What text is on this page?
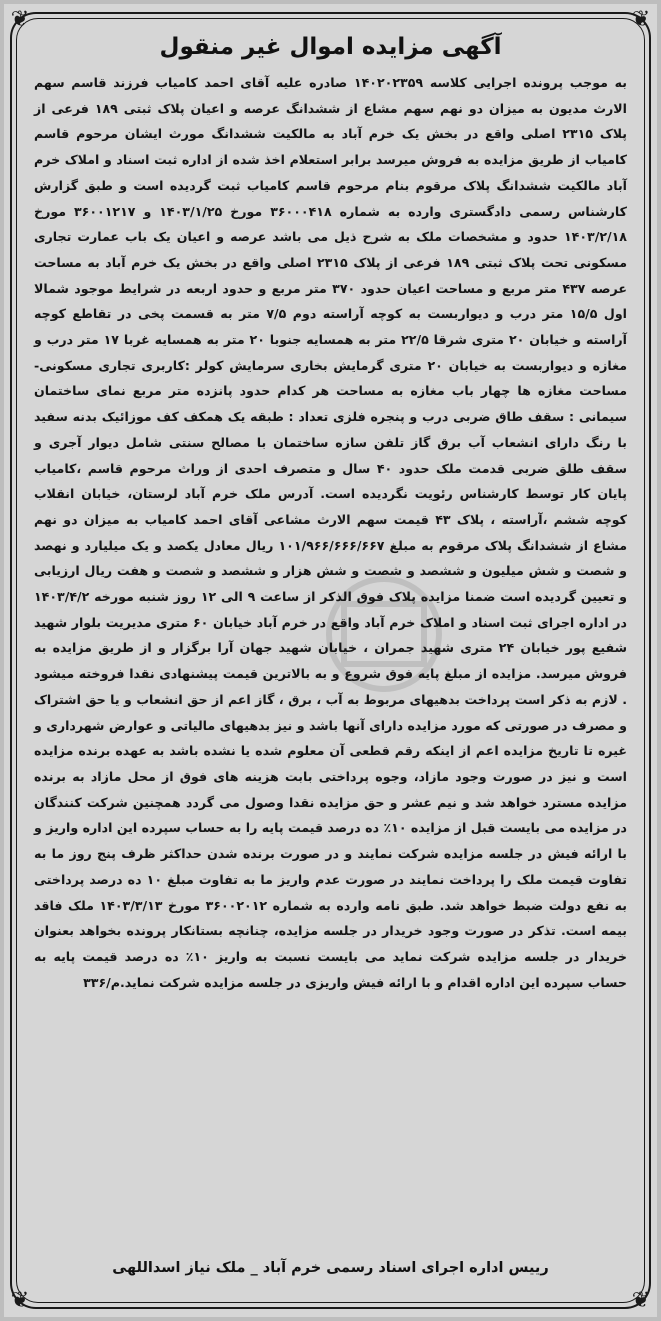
❦	❦
❦	❦
آگهی مزایده اموال غیر منقول
به موجب پرونده اجرایی کلاسه ۱۴۰۲۰۲۳۵۹ صادره علیه آقای احمد کامیاب فرزند قاسم سهم الارث مدیون به میزان دو نهم سهم مشاع از ششدانگ عرصه و اعیان پلاک ثبتی ۱۸۹ فرعی از پلاک ۲۳۱۵ اصلی واقع در بخش یک خرم آباد به مالکیت ششدانگ مورث ایشان مرحوم قاسم کامیاب از طریق مزایده به فروش میرسد برابر استعلام اخذ شده از اداره ثبت اسناد و املاک خرم آباد مالکیت ششدانگ پلاک مرقوم بنام مرحوم قاسم کامیاب ثبت گردیده است و طبق گزارش کارشناس رسمی دادگستری وارده به شماره ۳۶۰۰۰۴۱۸ مورخ ۱۴۰۳/۱/۲۵ و ۳۶۰۰۱۲۱۷ مورخ ۱۴۰۳/۲/۱۸ حدود و مشخصات ملک به شرح ذیل می باشد عرصه و اعیان یک باب عمارت تجاری مسکونی تحت پلاک ثبتی ۱۸۹ فرعی از پلاک ۲۳۱۵ اصلی واقع در بخش یک خرم آباد به مساحت عرصه ۴۳۷ متر مربع و مساحت اعیان حدود ۳۷۰ متر مربع و حدود اربعه در شرایط موجود شمالا اول ۱۵/۵ متر درب و دیواربست به کوچه آراسته دوم ۷/۵ متر به قسمت پخی در تقاطع کوچه آراسته و خیابان ۲۰ متری شرقا ۲۲/۵ متر به همسایه جنوبا ۲۰ متر به همسایه غربا ۱۷ متر درب و مغازه و دیواربست به خیابان ۲۰ متری گرمایش بخاری سرمایش کولر :کاربری تجاری مسکونی- مساحت مغازه ها چهار باب مغازه به مساحت هر کدام حدود پانزده متر مربع نمای ساختمان سیمانی : سقف طاق ضربی درب و پنجره فلزی تعداد : طبقه یک همکف کف موزائیک بدنه سفید با رنگ دارای انشعاب آب برق گاز تلفن سازه ساختمان با مصالح سنتی شامل دیوار آجری و سقف طلق ضربی قدمت ملک حدود ۴۰ سال و متصرف احدی از وراث مرحوم قاسم ،کامیاب پایان کار توسط کارشناس رئویت نگردیده است. آدرس ملک خرم آباد لرستان، خیابان انقلاب کوچه ششم ،آراسته ، پلاک ۴۳ قیمت سهم الارث مشاعی آقای احمد کامیاب به میزان دو نهم مشاع از ششدانگ پلاک مرقوم به مبلغ ۱۰۱/۹۶۶/۶۶۶/۶۶۷ ریال معادل یکصد و یک میلیارد و نهصد و شصت و شش میلیون و ششصد و شصت و شش هزار و ششصد و شصت و هفت ریال ارزیابی و تعیین گردیده است ضمنا مزایده پلاک فوق الذکر از ساعت ۹ الی ۱۲ روز شنبه مورخه ۱۴۰۳/۴/۲ در اداره اجرای ثبت اسناد و املاک خرم آباد واقع در خرم آباد خیابان ۶۰ متری مدیریت بلوار شهید شفیع پور خیابان ۲۴ متری شهید جمران ، خیابان شهید جهان آرا برگزار و از طریق مزایده به فروش میرسد. مزایده از مبلغ پایه فوق شروع و به بالاترین قیمت پیشنهادی نقدا فروخته میشود . لازم به ذکر است پرداخت بدهیهای مربوط به آب ، برق ، گاز اعم از حق انشعاب و یا حق اشتراک و مصرف در صورتی که مورد مزایده دارای آنها باشد و نیز بدهیهای مالیاتی و عوارض شهرداری و غیره تا تاریخ مزایده اعم از اینکه رقم قطعی آن معلوم شده یا نشده باشد به عهده برنده مزایده است و نیز در صورت وجود مازاد، وجوه پرداختی بابت هزینه های فوق از محل مازاد به برنده مزایده مسترد خواهد شد و نیم عشر و حق مزایده نقدا وصول می گردد همچنین شرکت کنندگان در مزایده می بایست قبل از مزایده ۱۰٪ ده درصد قیمت پایه را به حساب سپرده این اداره واریز و با ارائه فیش در جلسه مزایده شرکت نمایند و در صورت برنده شدن حداکثر ظرف پنج روز ما به تفاوت قیمت ملک را پرداخت نمایند در صورت عدم واریز ما به تفاوت مبلغ ۱۰ ده درصد پرداختی به نفع دولت ضبط خواهد شد. طبق نامه وارده به شماره ۳۶۰۰۲۰۱۲ مورخ ۱۴۰۳/۳/۱۳ ملک فاقد بیمه است. تذکر در صورت وجود خریدار در جلسه مزایده، چنانچه بستانکار پرونده بخواهد بعنوان خریدار در جلسه مزایده شرکت نماید می بایست نسبت به واریز ۱۰٪ ده درصد قیمت پایه به حساب سپرده این اداره اقدام و با ارائه فیش واریزی در جلسه مزایده شرکت نماید.م/۳۳۶
رییس اداره اجرای اسناد رسمی خرم آباد _ ملک نیاز اسداللهی
